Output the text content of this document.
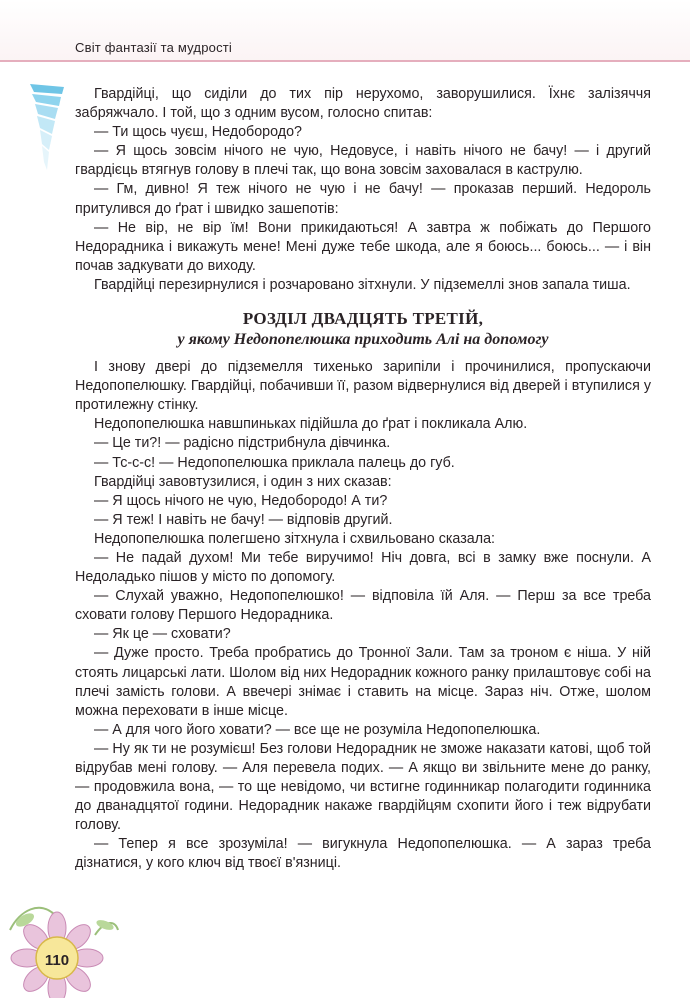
Світ фантазії та мудрості

Гвардійці, що сиділи до тих пір нерухомо, заворушилися. Їхнє залізяччя забряжчало. І той, що з одним вусом, голосно спитав:

— Ти щось чуєш, Недобородо?

— Я щось зовсім нічого не чую, Недовусе, і навіть нічого не бачу! — і другий гвардієць втягнув голову в плечі так, що вона зовсім заховалася в каструлю.

— Гм, дивно! Я теж нічого не чую і не бачу! — проказав перший. Недороль притулився до ґрат і швидко зашепотів:

— Не вір, не вір їм! Вони прикидаються! А завтра ж побіжать до Першого Недорадника і викажуть мене! Мені дуже тебе шкода, але я боюсь... боюсь... — і він почав задкувати до виходу.

Гвардійці перезирнулися і розчаровано зітхнули. У підземеллі знов запала тиша.

РОЗДІЛ ДВАДЦЯТЬ ТРЕТІЙ,
у якому Недопопелюшка приходить Алі на допомогу

І знову двері до підземелля тихенько зарипіли і прочинилися, пропускаючи Недопопелюшку. Гвардійці, побачивши її, разом відвернулися від дверей і втупилися у протилежну стінку.

Недопопелюшка навшпиньках підійшла до ґрат і покликала Алю.

— Це ти?! — радісно підстрибнула дівчинка.

— Тс-с-с! — Недопопелюшка приклала палець до губ.

Гвардійці завовтузилися, і один з них сказав:

— Я щось нічого не чую, Недобородо! А ти?

— Я теж! І навіть не бачу! — відповів другий.

Недопопелюшка полегшено зітхнула і схвильовано сказала:

— Не падай духом! Ми тебе виручимо! Ніч довга, всі в замку вже поснули. А Недоладько пішов у місто по допомогу.

— Слухай уважно, Недопопелюшко! — відповіла їй Аля. — Перш за все треба сховати голову Першого Недорадника.

— Як це — сховати?

— Дуже просто. Треба пробратись до Тронної Зали. Там за троном є ніша. У ній стоять лицарські лати. Шолом від них Недорадник кожного ранку прилаштовує собі на плечі замість голови. А ввечері знімає і ставить на місце. Зараз ніч. Отже, шолом можна переховати в інше місце.

— А для чого його ховати? — все ще не розуміла Недопопелюшка.

— Ну як ти не розумієш! Без голови Недорадник не зможе наказати катові, щоб той відрубав мені голову. — Аля перевела подих. — А якщо ви звільните мене до ранку, — продовжила вона, — то ще невідомо, чи встигне годинникар полагодити годинника до дванадцятої години. Недорадник накаже гвардійцям схопити його і теж відрубати голову.

— Тепер я все зрозуміла! — вигукнула Недопопелюшка. — А зараз треба дізнатися, у кого ключ від твоєї в'язниці.

110
